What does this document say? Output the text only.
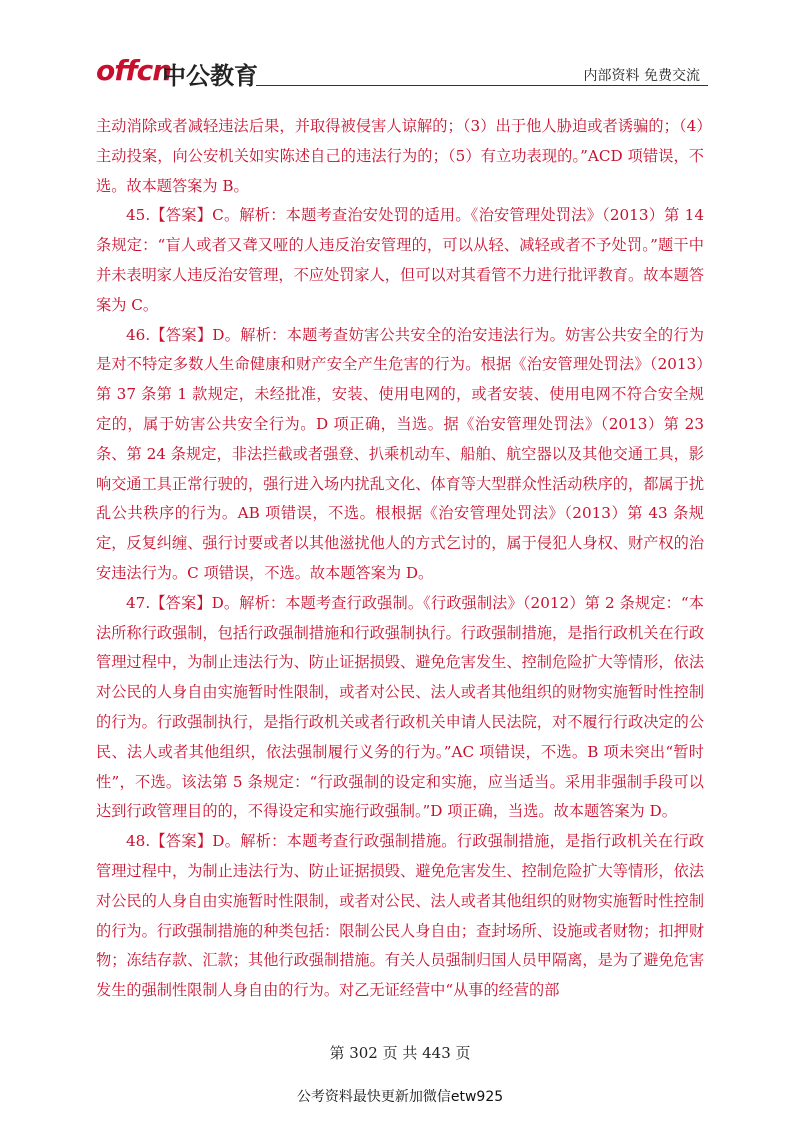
offcn
中公教育	内部资料 免费交流

主动消除或者减轻违法后果，并取得被侵害人谅解的；（3）出于他人胁迫或者诱骗的；（4）主动投案，向公安机关如实陈述自己的违法行为的；（5）有立功表现的。”ACD 项错误，不选。故本题答案为 B。

45.【答案】C。解析：本题考查治安处罚的适用。《治安管理处罚法》（2013）第 14 条规定：“盲人或者又聋又哑的人违反治安管理的，可以从轻、减轻或者不予处罚。”题干中并未表明家人违反治安管理，不应处罚家人，但可以对其看管不力进行批评教育。故本题答案为 C。

46.【答案】D。解析：本题考查妨害公共安全的治安违法行为。妨害公共安全的行为是对不特定多数人生命健康和财产安全产生危害的行为。根据《治安管理处罚法》（2013）第 37 条第 1 款规定，未经批准，安装、使用电网的，或者安装、使用电网不符合安全规定的，属于妨害公共安全行为。D 项正确，当选。据《治安管理处罚法》（2013）第 23 条、第 24 条规定，非法拦截或者强登、扒乘机动车、船舶、航空器以及其他交通工具，影响交通工具正常行驶的，强行进入场内扰乱文化、体育等大型群众性活动秩序的，都属于扰乱公共秩序的行为。AB 项错误，不选。根根据《治安管理处罚法》（2013）第 43 条规定，反复纠缠、强行讨要或者以其他滋扰他人的方式乞讨的，属于侵犯人身权、财产权的治安违法行为。C 项错误，不选。故本题答案为 D。

47.【答案】D。解析：本题考查行政强制。《行政强制法》（2012）第 2 条规定：“本法所称行政强制，包括行政强制措施和行政强制执行。行政强制措施，是指行政机关在行政管理过程中，为制止违法行为、防止证据损毁、避免危害发生、控制危险扩大等情形，依法对公民的人身自由实施暂时性限制，或者对公民、法人或者其他组织的财物实施暂时性控制的行为。行政强制执行，是指行政机关或者行政机关申请人民法院，对不履行行政决定的公民、法人或者其他组织，依法强制履行义务的行为。”AC 项错误，不选。B 项未突出“暂时性”，不选。该法第 5 条规定：“行政强制的设定和实施，应当适当。采用非强制手段可以达到行政管理目的的，不得设定和实施行政强制。”D 项正确，当选。故本题答案为 D。

48.【答案】D。解析：本题考查行政强制措施。行政强制措施，是指行政机关在行政管理过程中，为制止违法行为、防止证据损毁、避免危害发生、控制危险扩大等情形，依法对公民的人身自由实施暂时性限制，或者对公民、法人或者其他组织的财物实施暂时性控制的行为。行政强制措施的种类包括：限制公民人身自由；查封场所、设施或者财物；扣押财物；冻结存款、汇款；其他行政强制措施。有关人员强制归国人员甲隔离，是为了避免危害发生的强制性限制人身自由的行为。对乙无证经营中“从事的经营的部

第 302 页 共 443 页
公考资料最快更新加微信etw925
